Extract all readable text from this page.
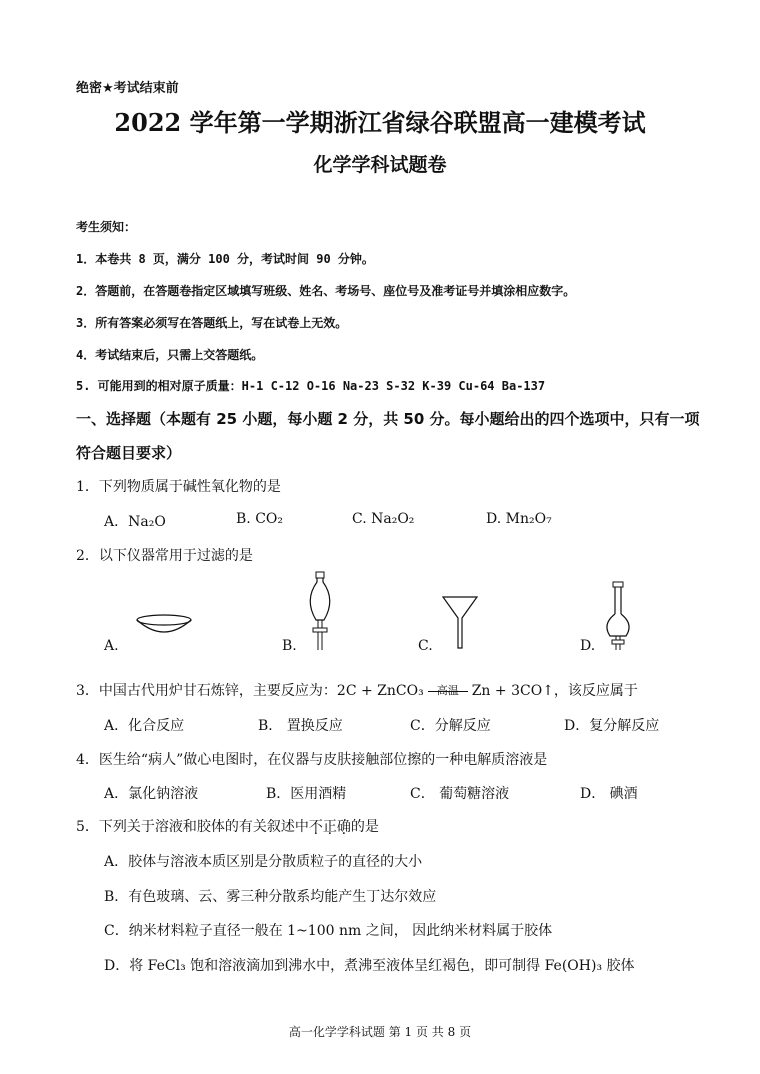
绝密★考试结束前
2022 学年第一学期浙江省绿谷联盟高一建模考试
化学学科试题卷
考生须知：
1．本卷共 8 页，满分 100 分，考试时间 90 分钟。
2．答题前，在答题卷指定区域填写班级、姓名、考场号、座位号及准考证号并填涂相应数字。
3．所有答案必须写在答题纸上，写在试卷上无效。
4．考试结束后，只需上交答题纸。
5. 可能用到的相对原子质量：H-1 C-12 O-16 Na-23 S-32 K-39 Cu-64 Ba-137
一、选择题（本题有 25 小题，每小题 2 分，共 50 分。每小题给出的四个选项中，只有一项
符合题目要求）
1．下列物质属于碱性氧化物的是
A．Na₂O	B. CO₂	C. Na₂O₂	D. Mn₂O₇
2．以下仪器常用于过滤的是
A.	B.	C.	D.
3．中国古代用炉甘石炼锌，主要反应为：2C + ZnCO₃	高温 Zn + 3CO↑，该反应属于
A．化合反应	B． 置换反应	C．分解反应	D．复分解反应
4．医生给“病人”做心电图时，在仪器与皮肤接触部位擦的一种电解质溶液是
A．氯化钠溶液	B．医用酒精	C． 葡萄糖溶液	D． 碘酒
5．下列关于溶液和胶体的有关叙述中不正确的是
A．胶体与溶液本质区别是分散质粒子的直径的大小
B．有色玻璃、云、雾三种分散系均能产生丁达尔效应
C．纳米材料粒子直径一般在 1~100 nm 之间， 因此纳米材料属于胶体
D．将 FeCl₃ 饱和溶液滴加到沸水中，煮沸至液体呈红褐色，即可制得 Fe(OH)₃ 胶体
高一化学学科试题 第 1 页 共 8 页
